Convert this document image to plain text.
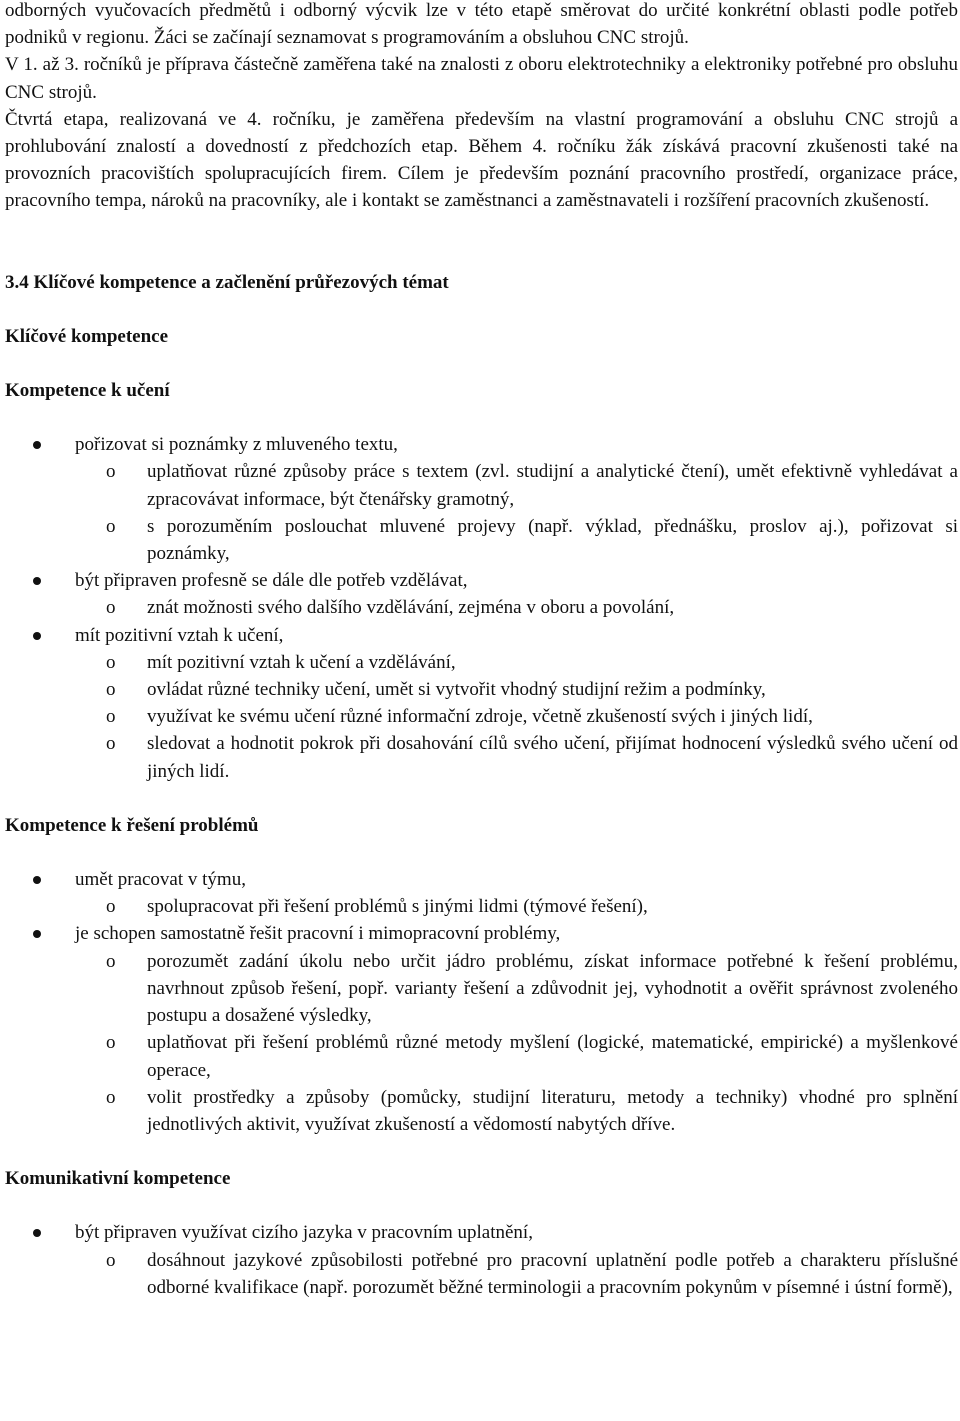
odborných vyučovacích předmětů i odborný výcvik lze v této etapě směrovat do určité konkrétní oblasti podle potřeb podniků v regionu. Žáci se začínají seznamovat s programováním a obsluhou CNC strojů.

V 1. až 3. ročníků je příprava částečně zaměřena také na znalosti z oboru elektrotechniky a elektroniky potřebné pro obsluhu CNC strojů.

Čtvrtá etapa, realizovaná ve 4. ročníku, je zaměřena především na vlastní programování a obsluhu CNC strojů a prohlubování znalostí a dovedností z předchozích etap. Během 4. ročníku žák získává pracovní zkušenosti také na provozních pracovištích spolupracujících firem. Cílem je především poznání pracovního prostředí, organizace práce, pracovního tempa, nároků na pracovníky, ale i kontakt se zaměstnanci a zaměstnavateli i rozšíření pracovních zkušeností.

3.4 Klíčové kompetence a začlenění průřezových témat
Klíčové kompetence
Kompetence k učení
pořizovat si poznámky z mluveného textu,
o uplatňovat různé způsoby práce s textem (zvl. studijní a analytické čtení), umět efektivně vyhledávat a zpracovávat informace, být čtenářsky gramotný,
o s porozuměním poslouchat mluvené projevy (např. výklad, přednášku, proslov aj.), pořizovat si poznámky,
být připraven profesně se dále dle potřeb vzdělávat,
o znát možnosti svého dalšího vzdělávání, zejména v oboru a povolání,
mít pozitivní vztah k učení,
o mít pozitivní vztah k učení a vzdělávání,
o ovládat různé techniky učení, umět si vytvořit vhodný studijní režim a podmínky,
o využívat ke svému učení různé informační zdroje, včetně zkušeností svých i jiných lidí,
o sledovat a hodnotit pokrok při dosahování cílů svého učení, přijímat hodnocení výsledků svého učení od jiných lidí.
Kompetence k řešení problémů
umět pracovat v týmu,
o spolupracovat při řešení problémů s jinými lidmi (týmové řešení),
je schopen samostatně řešit pracovní i mimopracovní problémy,
o porozumět zadání úkolu nebo určit jádro problému, získat informace potřebné k řešení problému, navrhnout způsob řešení, popř. varianty řešení a zdůvodnit jej, vyhodnotit a ověřit správnost zvoleného postupu a dosažené výsledky,
o uplatňovat při řešení problémů různé metody myšlení (logické, matematické, empirické) a myšlenkové operace,
o volit prostředky a způsoby (pomůcky, studijní literaturu, metody a techniky) vhodné pro splnění jednotlivých aktivit, využívat zkušeností a vědomostí nabytých dříve.
Komunikativní kompetence
být připraven využívat cizího jazyka v pracovním uplatnění,
o dosáhnout jazykové způsobilosti potřebné pro pracovní uplatnění podle potřeb a charakteru příslušné odborné kvalifikace (např. porozumět běžné terminologii a pracovním pokynům v písemné i ústní formě),
